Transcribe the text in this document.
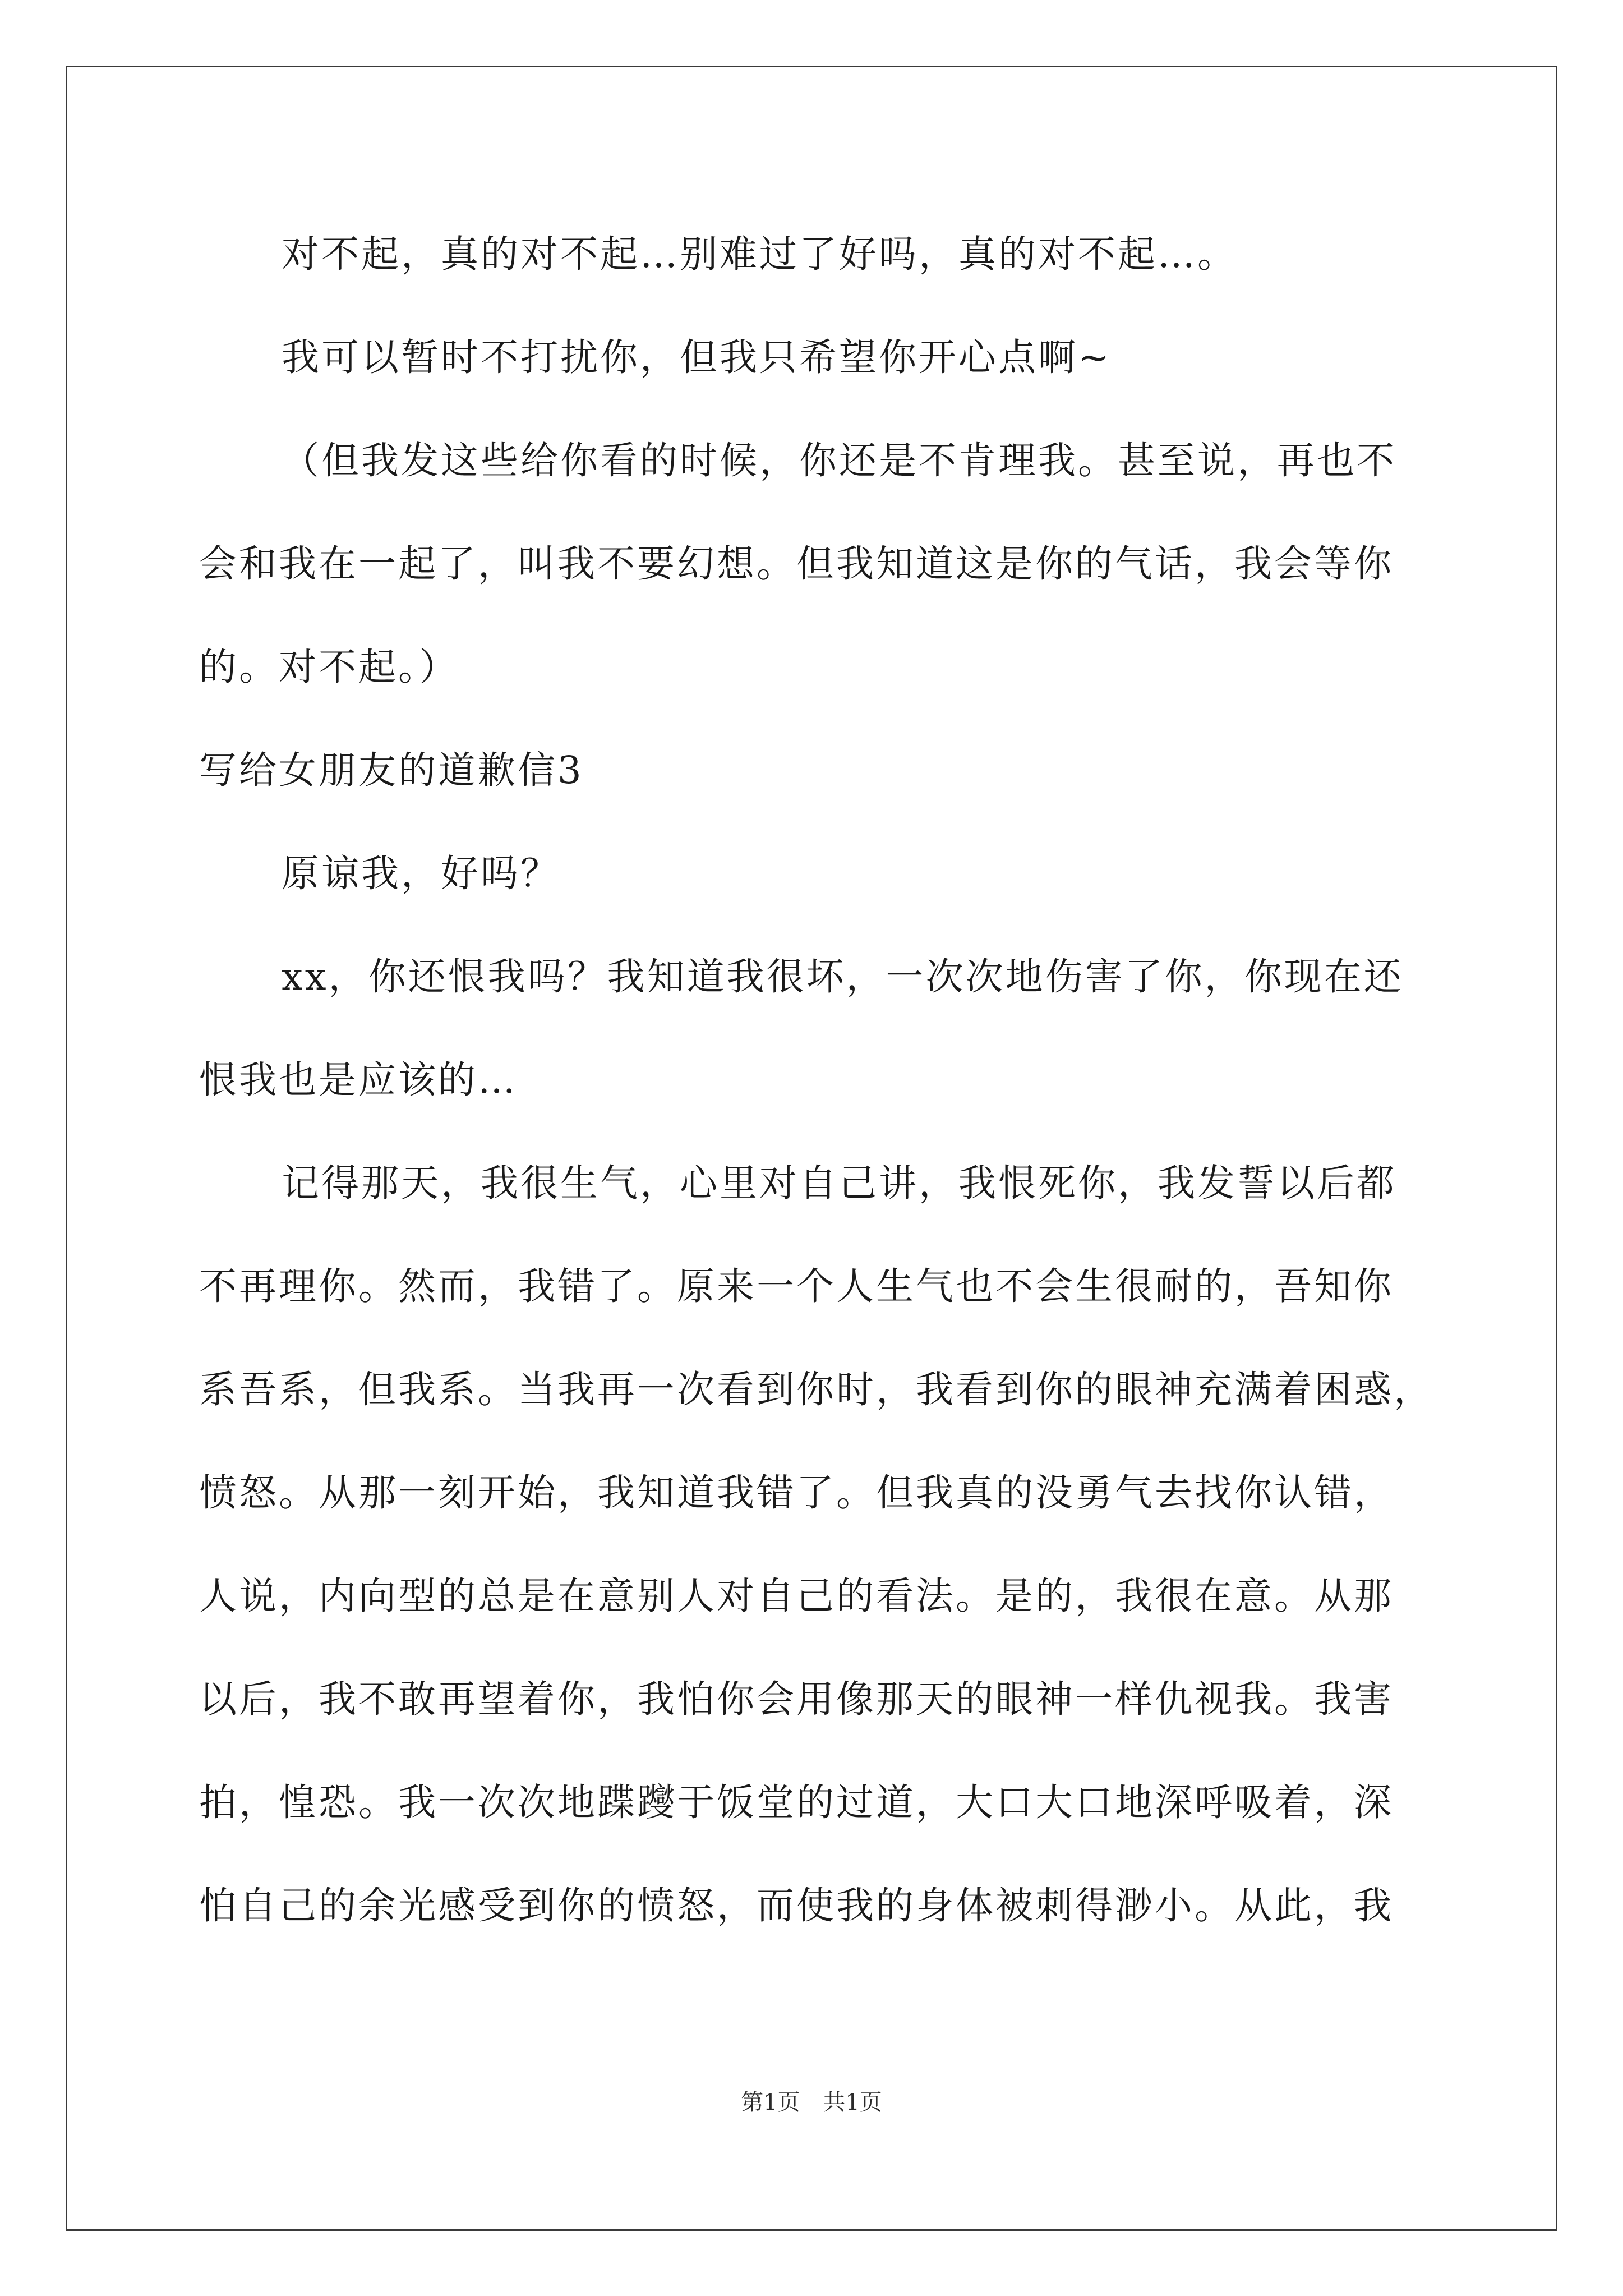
对不起，真的对不起…别难过了好吗，真的对不起…。
我可以暂时不打扰你，但我只希望你开心点啊~
（但我发这些给你看的时候，你还是不肯理我。甚至说，再也不
会和我在一起了，叫我不要幻想。但我知道这是你的气话，我会等你
的。对不起。）
写给女朋友的道歉信3
原谅我，好吗？
xx，你还恨我吗？我知道我很坏，一次次地伤害了你，你现在还
恨我也是应该的…
记得那天，我很生气，心里对自己讲，我恨死你，我发誓以后都
不再理你。然而，我错了。原来一个人生气也不会生很耐的，吾知你
系吾系，但我系。当我再一次看到你时，我看到你的眼神充满着困惑，
愤怒。从那一刻开始，我知道我错了。但我真的没勇气去找你认错，
人说，内向型的总是在意别人对自己的看法。是的，我很在意。从那
以后，我不敢再望着你，我怕你会用像那天的眼神一样仇视我。我害
拍，惶恐。我一次次地蹀躞于饭堂的过道，大口大口地深呼吸着，深
怕自己的余光感受到你的愤怒，而使我的身体被刺得渺小。从此，我
第1页 共1页
